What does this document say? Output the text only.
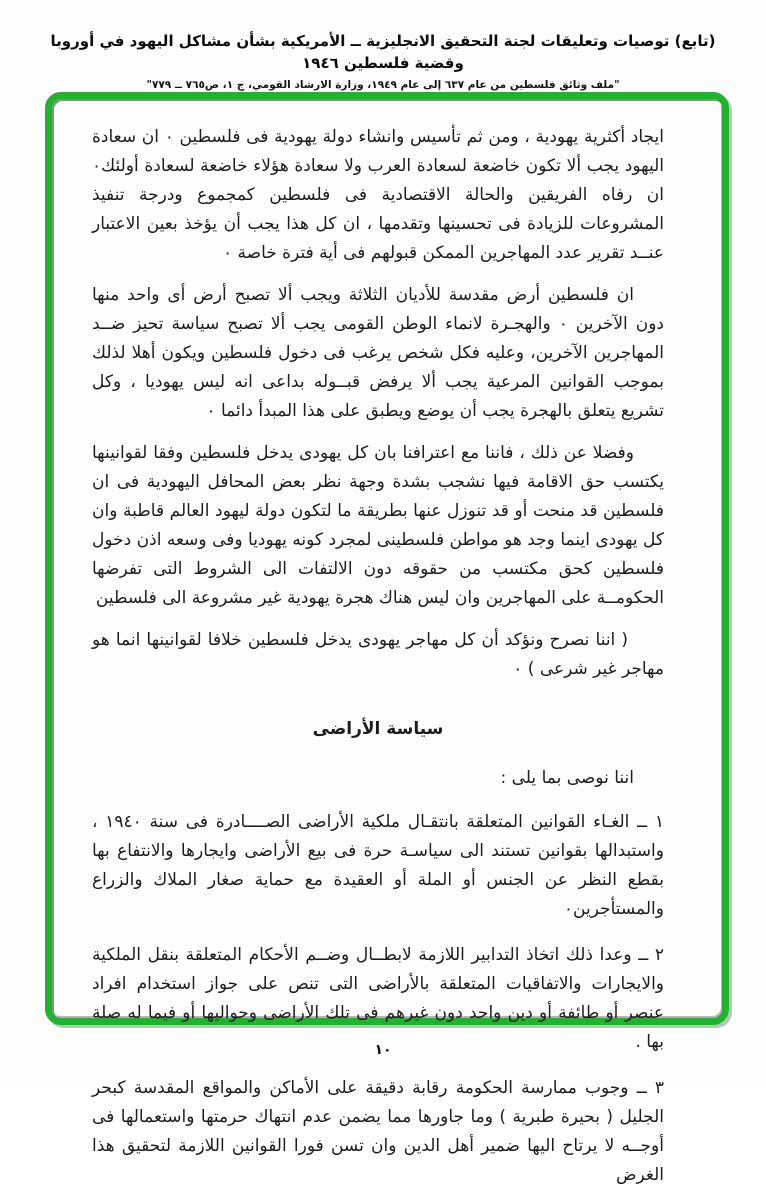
(تابع) توصيات وتعليقات لجنة التحقيق الانجليزية ــ الأمريكية بشأن مشاكل اليهود في أوروبا وقضية فلسطين ١٩٤٦
"ملف وثائق فلسطين من عام ٦٣٧ إلى عام ١٩٤٩، وزارة الارشاد القومي، ج ١، ص٧٦٥ ــ ٧٧٩"

ايجاد أكثرية يهودية ، ومن ثم تأسيس وانشاء دولة يهودية فى فلسطين ٠ ان سعادة اليهود يجب ألا تكون خاضعة لسعادة العرب ولا سعادة هؤلاء خاضعة لسعادة أولئك٠ ان رفاه الفريقين والحالة الاقتصادية فى فلسطين كمجموع ودرجة تنفيذ المشروعات للزيادة فى تحسينها وتقدمها ، ان كل هذا يجب أن يؤخذ بعين الاعتبار عنــد تقرير عدد المهاجرين الممكن قبولهم فى أية فترة خاصة ٠

ان فلسطين أرض مقدسة للأديان الثلاثة ويجب ألا تصبح أرض أى واحد منها دون الآخرين ٠ والهجـرة لانماء الوطن القومى يجب ألا تصبح سياسة تحيز ضــد المهاجرين الآخرين، وعليه فكل شخص يرغب فى دخول فلسطين ويكون أهلا لذلك بموجب القوانين المرعية يجب ألا يرفض قبــوله بداعى انه ليس يهوديا ، وكل تشريع يتعلق بالهجرة يجب أن يوضع ويطبق على هذا المبدأ دائما ٠

وفضلا عن ذلك ، فاننا مع اعترافنا بان كل يهودى يدخل فلسطين وفقا لقوانينها يكتسب حق الاقامة فيها نشجب بشدة وجهة نظر بعض المحافل اليهودية فى ان فلسطين قد منحت أو قد تنوزل عنها بطريقة ما لتكون دولة ليهود العالم قاطبة وان كل يهودى اينما وجد هو مواطن فلسطينى لمجرد كونه يهوديا وفى وسعه اذن دخول فلسطين كحق مكتسب من حقوقه دون الالتفات الى الشروط التى تفرضها الحكومــة على المهاجرين وان ليس هناك هجرة يهودية غير مشروعة الى فلسطين

( اننا نصرح ونؤكد أن كل مهاجر يهودى يدخل فلسطين خلافا لقوانينها انما هو مهاجر غير شرعى ) ٠

سياسة الأراضى

اننا نوصى بما يلى :

١ ــ الغـاء القوانين المتعلقة بانتقـال ملكية الأراضى الصــــادرة فى سنة ١٩٤٠ ، واستبدالها بقوانين تستند الى سياسـة حرة فى بيع الأراضى وايجارها والانتفاع بها بقطع النظر عن الجنس أو الملة أو العقيدة مع حماية صغار الملاك والزراع والمستأجرين٠

٢ ــ وعدا ذلك اتخاذ التدابير اللازمة لابطــال وضــم الأحكام المتعلقة بنقل الملكية والايجارات والاتفاقيات المتعلقة بالأراضى التى تنص على جواز استخدام افراد عنصر أو طائفة أو دين واحد دون غيرهم فى تلك الأراضى وحواليها أو فيما له صلة بها .

٣ ــ وجوب ممارسة الحكومة رقابة دقيقة على الأماكن والمواقع المقدسة كبحر الجليل ( بحيرة طبرية ) وما جاورها مما يضمن عدم انتهاك حرمتها واستعمالها فى أوجــه لا يرتاح اليها ضمير أهل الدين وان تسن فورا القوانين اللازمة لتحقيق هذا الغرض

١٠
